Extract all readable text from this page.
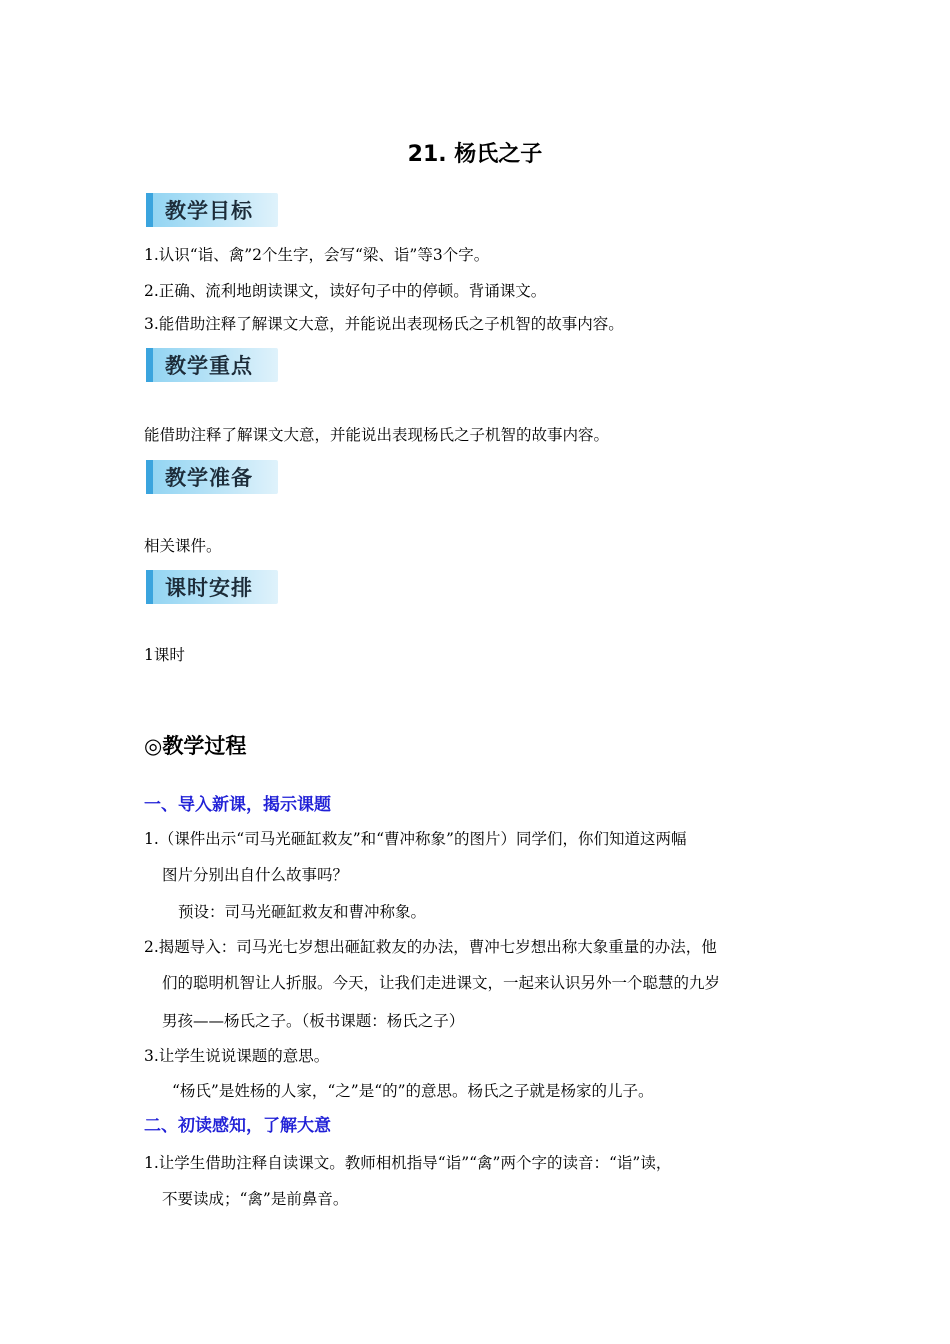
21. 杨氏之子
教学目标
1.认识“诣、禽”2个生字，会写“梁、诣”等3个字。
2.正确、流利地朗读课文，读好句子中的停顿。背诵课文。
3.能借助注释了解课文大意，并能说出表现杨氏之子机智的故事内容。
教学重点
能借助注释了解课文大意，并能说出表现杨氏之子机智的故事内容。
教学准备
相关课件。
课时安排
1课时
◎教学过程
一、导入新课，揭示课题
1.（课件出示“司马光砸缸救友”和“曹冲称象”的图片）同学们，你们知道这两幅
图片分别出自什么故事吗？
预设：司马光砸缸救友和曹冲称象。
2.揭题导入：司马光七岁想出砸缸救友的办法，曹冲七岁想出称大象重量的办法，他
们的聪明机智让人折服。今天，让我们走进课文，一起来认识另外一个聪慧的九岁
男孩——杨氏之子。（板书课题：杨氏之子）
3.让学生说说课题的意思。
“杨氏”是姓杨的人家，“之”是“的”的意思。杨氏之子就是杨家的儿子。
二、初读感知，了解大意
1.让学生借助注释自读课文。教师相机指导“诣”“禽”两个字的读音：“诣”读，
不要读成；“禽”是前鼻音。
